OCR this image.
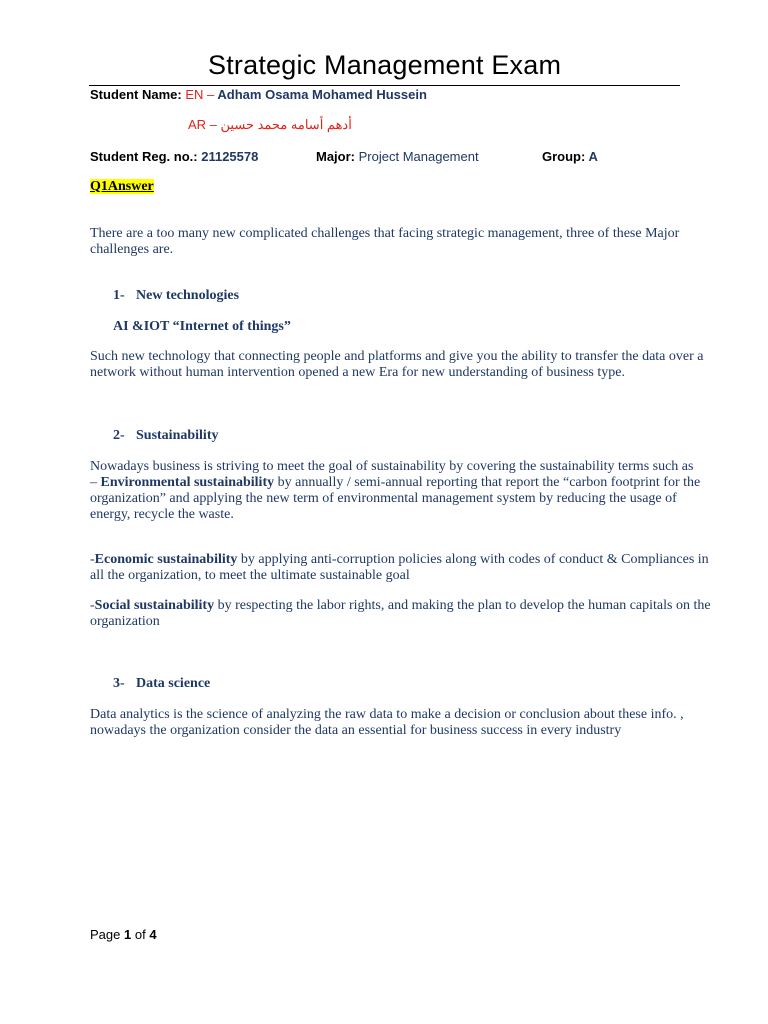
Strategic Management Exam
Student Name: EN – Adham Osama Mohamed Hussein
AR – أدهم أسامه محمد حسين
Student Reg. no.: 21125578	Major: Project Management	Group: A
Q1Answer
There are a too many new complicated challenges that facing strategic management, three of these Major challenges are.
1- New technologies
AI &IOT “Internet of things”
Such new technology that connecting people and platforms and give you the ability to transfer the data over a network without human intervention opened a new Era for new understanding of business type.
2- Sustainability
Nowadays business is striving to meet the goal of sustainability by covering the sustainability terms such as
– Environmental sustainability by annually / semi-annual reporting that report the “carbon footprint for the organization” and applying the new term of environmental management system by reducing the usage of energy, recycle the waste.
-Economic sustainability by applying anti-corruption policies along with codes of conduct & Compliances in all the organization, to meet the ultimate sustainable goal
-Social sustainability by respecting the labor rights, and making the plan to develop the human capitals on the organization
3- Data science
Data analytics is the science of analyzing the raw data to make a decision or conclusion about these info. , nowadays the organization consider the data an essential for business success in every industry
Page 1 of 4
